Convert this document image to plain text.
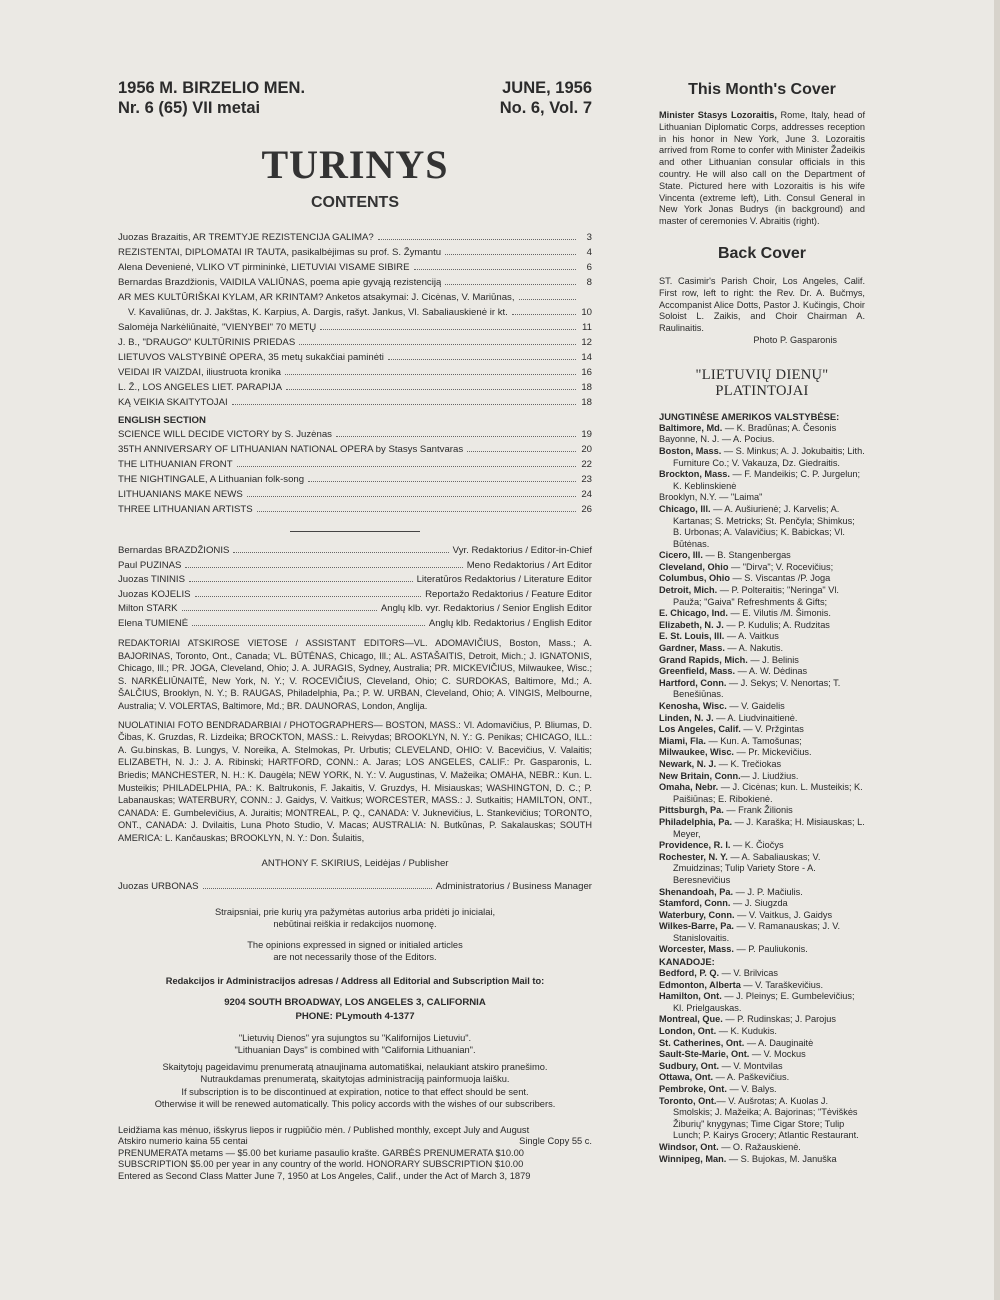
1956 M. BIRZELIO MEN.
Nr. 6 (65) VII metai
JUNE, 1956
No. 6, Vol. 7
TURINYS
CONTENTS
Juozas Brazaitis, AR TREMTYJE REZISTENCIJA GALIMA?	3
REZISTENTAI, DIPLOMATAI IR TAUTA, pasikalbėjimas su prof. S. Žymantu	4
Alena Devenienė, VLIKO VT pirmininkė, LIETUVIAI VISAME SIBIRE	6
Bernardas Brazdžionis, VAIDILA VALIŪNAS, poema apie gyvąją rezistenciją	8
AR MES KULTŪRIŠKAI KYLAM, AR KRINTAM? Anketos atsakymai: J. Cicėnas, V. Mariūnas,
V. Kavaliūnas, dr. J. Jakštas, K. Karpius, A. Dargis, rašyt. Jankus, Vl. Sabaliauskienė ir kt.	10
Salomėja Narkėliūnaitė, "VIENYBEI" 70 METŲ	11
J. B., "DRAUGO" KULTŪRINIS PRIEDAS	12
LIETUVOS VALSTYBINĖ OPERA, 35 metų sukakčiai paminėti	14
VEIDAI IR VAIZDAI, iliustruota kronika	16
L. Ž., LOS ANGELES LIET. PARAPIJA	18
KĄ VEIKIA SKAITYTOJAI	18
ENGLISH SECTION
SCIENCE WILL DECIDE VICTORY by S. Juzėnas	19
35TH ANNIVERSARY OF LITHUANIAN NATIONAL OPERA by Stasys Santvaras	20
THE LITHUANIAN FRONT	22
THE NIGHTINGALE, A Lithuanian folk-song	23
LITHUANIANS MAKE NEWS	24
THREE LITHUANIAN ARTISTS	26
Bernardas BRAZDŽIONIS	Vyr. Redaktorius / Editor-in-Chief
Paul PUZINAS	Meno Redaktorius / Art Editor
Juozas TININIS	Literatūros Redaktorius / Literature Editor
Juozas KOJELIS	Reportažo Redaktorius / Feature Editor
Milton STARK	Anglų klb. vyr. Redaktorius / Senior English Editor
Elena TUMIENĖ	Anglų klb. Redaktorius / English Editor
REDAKTORIAI ATSKIROSE VIETOSE / ASSISTANT EDITORS—VL. ADOMAVIČIUS, Boston, Mass.; A. BAJORINAS, Toronto, Ont., Canada; VL. BŪTĖNAS, Chicago, Ill.; AL. ASTAŠAITIS, Detroit, Mich.; J. IGNATONIS, Chicago, Ill.; PR. JOGA, Cleveland, Ohio; J. A. JURAGIS, Sydney, Australia; PR. MICKEVIČIUS, Milwaukee, Wisc.; S. NARKĖLIŪNAITĖ, New York, N. Y.; V. ROCEVIČIUS, Cleveland, Ohio; C. SURDOKAS, Baltimore, Md.; A. ŠALČIUS, Brooklyn, N. Y.; B. RAUGAS, Philadelphia, Pa.; P. W. URBAN, Cleveland, Ohio; A. VINGIS, Melbourne, Australia; V. VOLERTAS, Baltimore, Md.; BR. DAUNORAS, London, Anglija.
NUOLATINIAI FOTO BENDRADARBIAI / PHOTOGRAPHERS— BOSTON, MASS.: Vl. Adomavičius, P. Bliumas, D. Čibas, K. Gruzdas, R. Lizdeika; BROCKTON, MASS.: L. Reivydas; BROOKLYN, N. Y.: G. Penikas; CHICAGO, ILL.: A. Gu.binskas, B. Lungys, V. Noreika, A. Stelmokas, Pr. Urbutis; CLEVELAND, OHIO: V. Bacevičius, V. Valaitis; ELIZABETH, N. J.: J. A. Ribinski; HARTFORD, CONN.: A. Jaras; LOS ANGELES, CALIF.: Pr. Gasparonis, L. Briedis; MANCHESTER, N. H.: K. Daugėla; NEW YORK, N. Y.: V. Augustinas, V. Mažeika; OMAHA, NEBR.: Kun. L. Musteikis; PHILADELPHIA, PA.: K. Baltrukonis, F. Jakaitis, V. Gruzdys, H. Misiauskas; WASHINGTON, D. C.; P. Labanauskas; WATERBURY, CONN.: J. Gaidys, V. Vaitkus; WORCESTER, MASS.: J. Sutkaitis; HAMILTON, ONT., CANADA: E. Gumbelevičius, A. Juraitis; MONTREAL, P. Q., CANADA: V. Juknevičius, L. Stankevičius; TORONTO, ONT., CANADA: J. Dvilaitis, Luna Photo Studio, V. Macas; AUSTRALIA: N. Butkūnas, P. Sakalauskas; SOUTH AMERICA: L. Kančauskas; BROOKLYN, N. Y.: Don. Šulaitis,
ANTHONY F. SKIRIUS, Leidėjas / Publisher
Juozas URBONAS	Administratorius / Business Manager
Straipsniai, prie kurių yra pažymėtas autorius arba pridėti jo inicialai,
nebūtinai reiškia ir redakcijos nuomonę.
The opinions expressed in signed or initialed articles
are not necessarily those of the Editors.
Redakcijos ir Administracijos adresas / Address all Editorial and Subscription Mail to:
9204 SOUTH BROADWAY, LOS ANGELES 3, CALIFORNIA
PHONE: PLymouth 4-1377
"Lietuvių Dienos" yra sujungtos su "Kalifornijos Lietuviu".
"Lithuanian Days" is combined with "California Lithuanian".
Skaitytojų pageidavimu prenumeratą atnaujinama automatiškai, nelaukiant atskiro pranešimo.
Nutraukdamas prenumeratą, skaitytojas administraciją painformuoja laišku.
If subscription is to be discontinued at expiration, notice to that effect should be sent.
Otherwise it will be renewed automatically. This policy accords with the wishes of our subscribers.
Leidžiama kas mėnuo, išskyrus liepos ir rugpiūčio mėn. / Published monthly, except July and August
Atskiro numerio kaina 55 centai	Single Copy 55 c.
PRENUMERATA metams — $5.00 bet kuriame pasaulio krašte. GARBĖS PRENUMERATA $10.00
SUBSCRIPTION $5.00 per year in any country of the world. HONORARY SUBSCRIPTION $10.00
Entered as Second Class Matter June 7, 1950 at Los Angeles, Calif., under the Act of March 3, 1879
This Month's Cover
Minister Stasys Lozoraitis, Rome, Italy, head of Lithuanian Diplomatic Corps, addresses reception in his honor in New York, June 3. Lozoraitis arrived from Rome to confer with Minister Žadeikis and other Lithuanian consular officials in this country. He will also call on the Department of State. Pictured here with Lozoraitis is his wife Vincenta (extreme left), Lith. Consul General in New York Jonas Budrys (in background) and master of ceremonies V. Abraitis (right).
Back Cover
ST. Casimir's Parish Choir, Los Angeles, Calif. First row, left to right: the Rev. Dr. A. Bučmys, Accompanist Alice Dotts, Pastor J. Kučingis, Choir Soloist L. Zaikis, and Choir Chairman A. Raulinaitis.
Photo P. Gasparonis
"LIETUVIŲ DIENŲ"
PLATINTOJAI
JUNGTINĖSE AMERIKOS VALSTYBĖSE:
Baltimore, Md. — K. Bradūnas; A. Česonis
Bayonne, N. J. — A. Pocius.
Boston, Mass. — S. Minkus; A. J. Jokubaitis; Lith. Furniture Co.; V. Vakauza, Dz. Giedraitis.
Brockton, Mass. — F. Mandeikis; C. P. Jurgelun; K. Keblinskienė
Brooklyn, N.Y. — "Laima"
Chicago, Ill. — A. Aušiurienė; J. Karvelis; A. Kartanas; S. Metricks; St. Penčyla; Shimkus; B. Urbonas; A. Valavičius; K. Babickas; Vl. Būtėnas.
Cicero, Ill. — B. Stangenbergas
Cleveland, Ohio — "Dirva"; V. Rocevičius;
Columbus, Ohio — S. Viscantas /P. Joga
Detroit, Mich. — P. Polteraitis; "Neringa" Vl. Pauža; "Gaiva" Refreshments & Gifts;
E. Chicago, Ind. — E. Vilutis /M. Šimonis.
Elizabeth, N. J. — P. Kudulis; A. Rudzitas
E. St. Louis, Ill. — A. Vaitkus
Gardner, Mass. — A. Nakutis.
Grand Rapids, Mich. — J. Belinis
Greenfield, Mass. — A. W. Dėdinas
Hartford, Conn. — J. Sekys; V. Nenortas; T. Benešiūnas.
Kenosha, Wisc. — V. Gaidelis
Linden, N. J. — A. Liudvinaitienė.
Los Angeles, Calif. — V. Pržgintas
Miami, Fla. — Kun. A. Tamošunas;
Milwaukee, Wisc. — Pr. Mickevičius.
Newark, N. J. — K. Trečiokas
New Britain, Conn.— J. Liudžius.
Omaha, Nebr. — J. Cicėnas; kun. L. Musteikis; K. Paišiūnas; E. Ribokienė.
Pittsburgh, Pa. — Frank Žilionis
Philadelphia, Pa. — J. Karaška; H. Misiauskas; L. Meyer,
Providence, R. I. — K. Čiočys
Rochester, N. Y. — A. Sabaliauskas; V. Zmuidzinas; Tulip Variety Store - A. Beresnevičius
Shenandoah, Pa. — J. P. Mačiulis.
Stamford, Conn. — J. Siugzda
Waterbury, Conn. — V. Vaitkus, J. Gaidys
Wilkes-Barre, Pa. — V. Ramanauskas; J. V. Stanislovaitis.
Worcester, Mass. — P. Pauliukonis.
KANADOJE:
Bedford, P. Q. — V. Brilvicas
Edmonton, Alberta — V. Taraškevičius.
Hamilton, Ont. — J. Pleinys; E. Gumbelevičius; Kl. Prielgauskas.
Montreal, Que. — P. Rudinskas; J. Parojus
London, Ont. — K. Kudukis.
St. Catherines, Ont. — A. Dauginaitė
Sault-Ste-Marie, Ont. — V. Mockus
Sudbury, Ont. — V. Montvilas
Ottawa, Ont. — A. Paškevičius.
Pembroke, Ont. — V. Balys.
Toronto, Ont.— V. Aušrotas; A. Kuolas J. Smolskis; J. Mažeika; A. Bajorinas; "Tėviškės Žiburių" knygynas; Time Cigar Store; Tulip Lunch; P. Kairys Grocery; Atlantic Restaurant.
Windsor, Ont. — O. Ražauskienė.
Winnipeg, Man. — S. Bujokas, M. Januška
